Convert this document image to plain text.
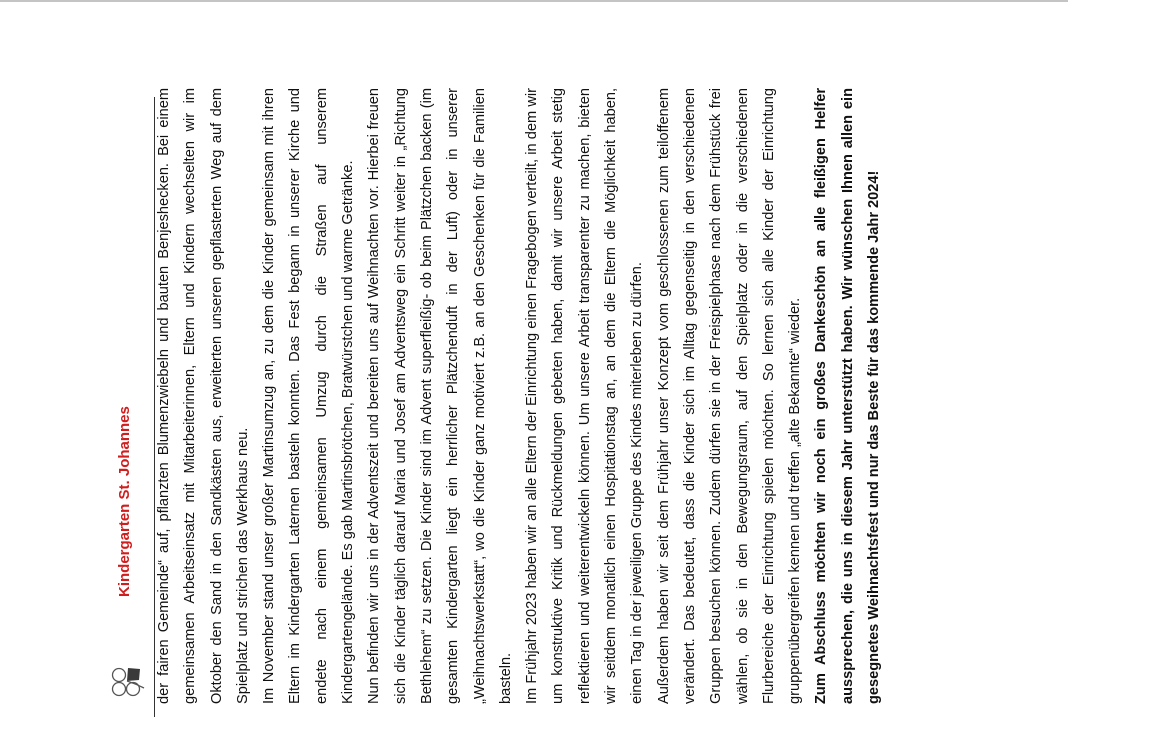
Kindergarten St. Johannes	der fairen Gemeinde“ auf, pflanzten Blumenzwiebeln und bauten Benjeshecken. Bei einem gemeinsamen Arbeitseinsatz mit Mitarbeiterinnen, Eltern und Kindern wechselten wir im Oktober den Sand in den Sandkästen aus, erweiterten unseren gepflasterten Weg auf dem Spielplatz und strichen das Werkhaus neu. Im November stand unser großer Martinsumzug an, zu dem die Kinder gemeinsam mit ihren Eltern im Kindergarten Laternen basteln konnten. Das Fest begann in unserer Kirche und endete nach einem gemeinsamen Umzug durch die Straßen auf unserem Kindergartengelände. Es gab Martinsbrötchen, Bratwürstchen und warme Getränke. Nun befinden wir uns in der Adventszeit und bereiten uns auf Weihnachten vor. Hierbei freuen sich die Kinder täglich darauf Maria und Josef am Adventsweg ein Schritt weiter in „Richtung Bethlehem“ zu setzen. Die Kinder sind im Advent superfleißig- ob beim Plätzchen backen (im gesamten Kindergarten liegt ein herrlicher Plätzchenduft in der Luft) oder in unserer „Weihnachtswerkstatt“, wo die Kinder ganz motiviert z.B. an den Geschenken für die Familien basteln. Im Frühjahr 2023 haben wir an alle Eltern der Einrichtung einen Fragebogen verteilt, in dem wir um konstruktive Kritik und Rückmeldungen gebeten haben, damit wir unsere Arbeit stetig reflektieren und weiterentwickeln können. Um unsere Arbeit transparenter zu machen, bieten wir seitdem monatlich einen Hospitationstag an, an dem die Eltern die Möglichkeit haben, einen Tag in der jeweiligen Gruppe des Kindes miterleben zu dürfen. Außerdem haben wir seit dem Frühjahr unser Konzept vom geschlossenen zum teiloffenem verändert. Das bedeutet, dass die Kinder sich im Alltag gegenseitig in den verschiedenen Gruppen besuchen können. Zudem dürfen sie in der Freispielphase nach dem Frühstück frei wählen, ob sie in den Bewegungsraum, auf den Spielplatz oder in die verschiedenen Flurbereiche der Einrichtung spielen möchten. So lernen sich alle Kinder der Einrichtung gruppenübergreifen kennen und treffen „alte Bekannte“ wieder. Zum Abschluss möchten wir noch ein großes Dankeschön an alle fleißigen Helfer aussprechen, die uns in diesem Jahr unterstützt haben. Wir wünschen Ihnen allen ein gesegnetes Weihnachtsfest und nur das Beste für das kommende Jahr 2024!
